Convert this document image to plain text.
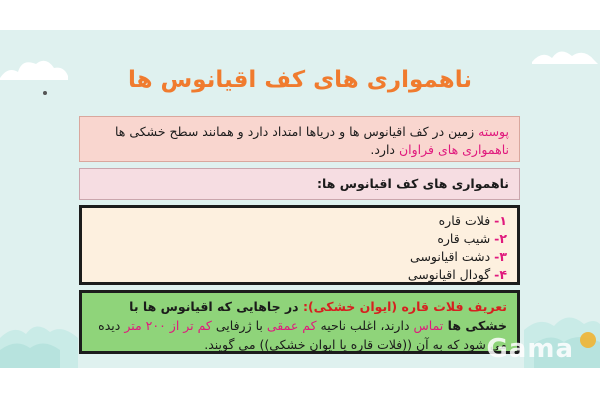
ناهمواری های کف اقیانوس ها
پوسته زمین در کف اقیانوس ها و دریاها امتداد دارد و همانند سطح خشکی ها ناهمواری های فراوان دارد.
ناهمواری های کف اقیانوس ها:
۱- فلات قاره
۲- شیب قاره
۳- دشت اقیانوسی
۴- گودال اقیانوسی
تعریف فلات قاره (ایوان خشکی): در جاهایی که اقیانوس ها با خشکی ها تماس دارند، اغلب ناحیه کم عمقی با ژرفایی کم تر از ۲۰۰ متر دیده می شود که به آن ((فلات قاره یا ایوان خشکی)) می گویند.
Gama
